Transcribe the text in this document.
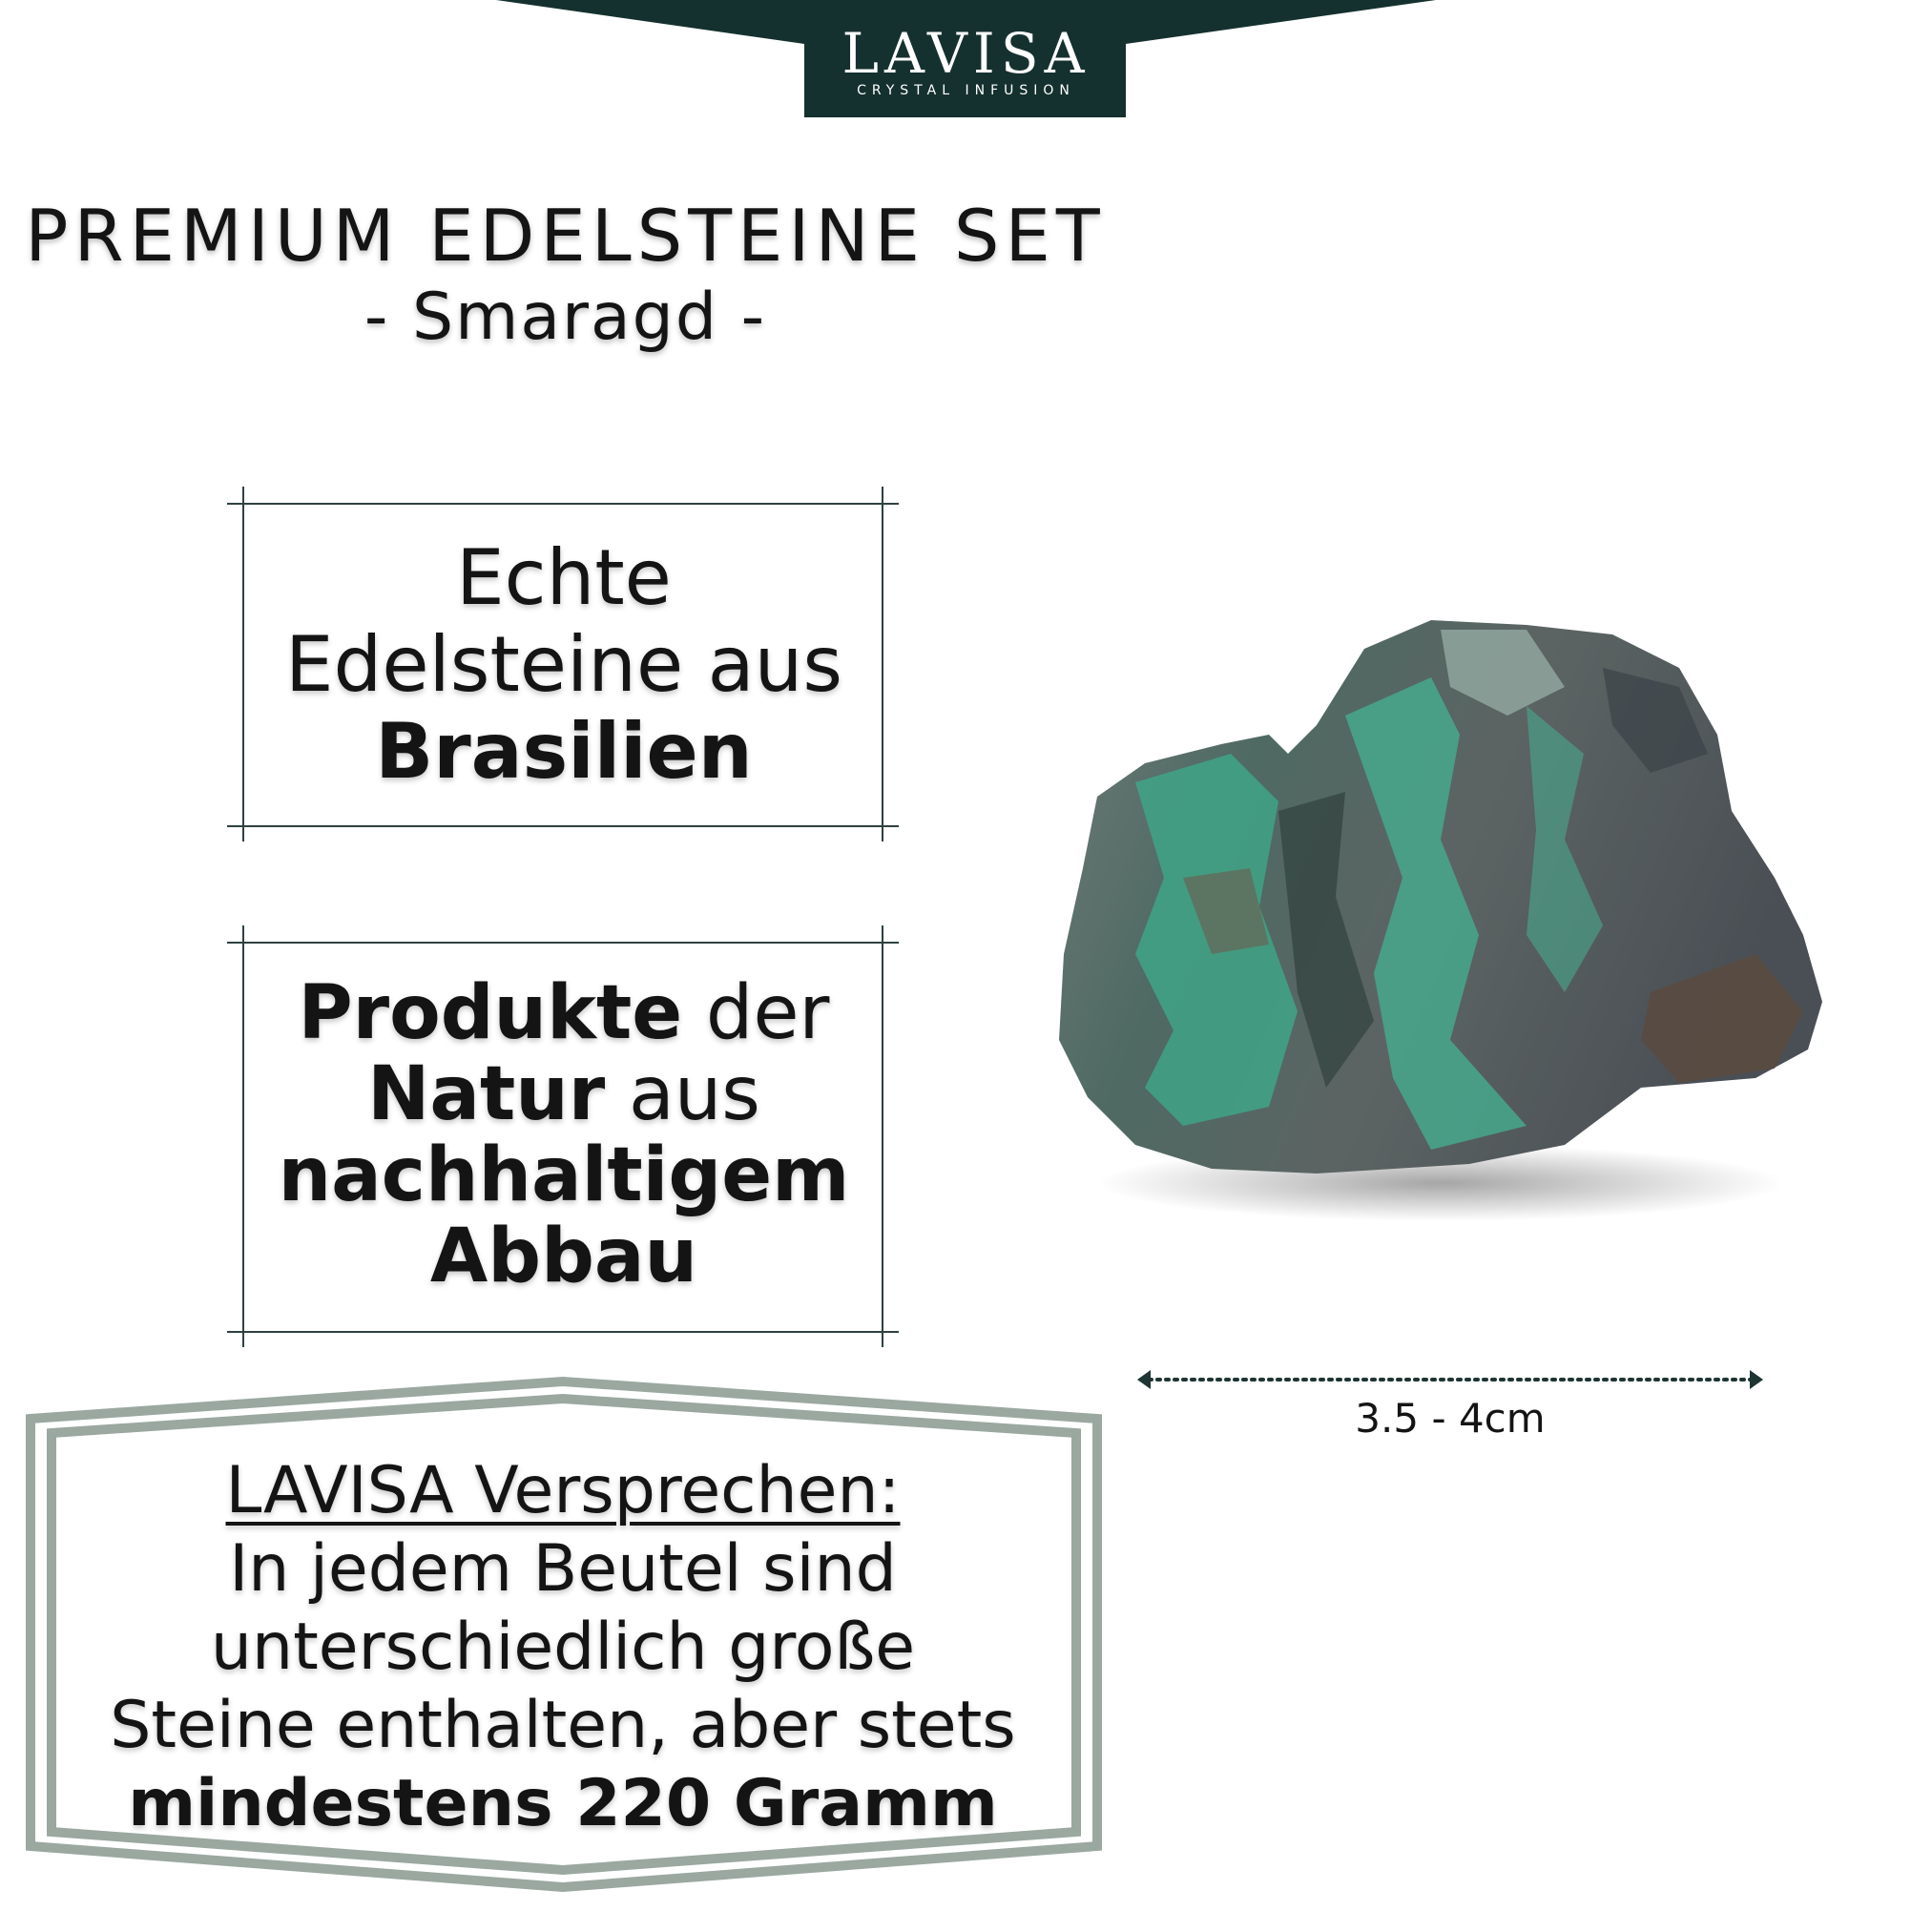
LAVISA
CRYSTAL INFUSION
PREMIUM EDELSTEINE SET
- Smaragd -
Echte
Edelsteine aus
Brasilien
Produkte der
Natur aus
nachhaltigem
Abbau
3.5 - 4cm
LAVISA Versprechen:
In jedem Beutel sind
unterschiedlich große
Steine enthalten, aber stets
mindestens 220 Gramm
